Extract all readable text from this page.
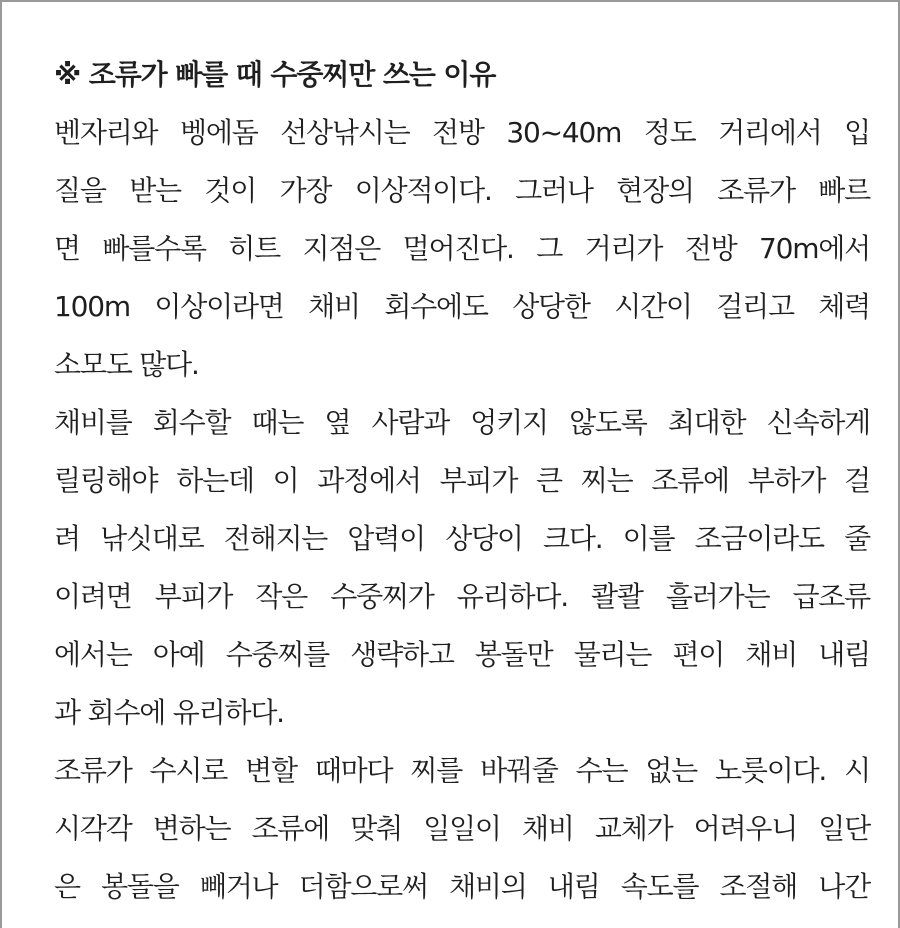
※ 조류가 빠를 때 수중찌만 쓰는 이유

벤자리와 벵에돔 선상낚시는 전방 30~40m 정도 거리에서 입
질을 받는 것이 가장 이상적이다. 그러나 현장의 조류가 빠르
면 빠를수록 히트 지점은 멀어진다. 그 거리가 전방 70m에서
100m 이상이라면 채비 회수에도 상당한 시간이 걸리고 체력
소모도 많다.

채비를 회수할 때는 옆 사람과 엉키지 않도록 최대한 신속하게
릴링해야 하는데 이 과정에서 부피가 큰 찌는 조류에 부하가 걸
려 낚싯대로 전해지는 압력이 상당이 크다. 이를 조금이라도 줄
이려면 부피가 작은 수중찌가 유리하다. 콸콸 흘러가는 급조류
에서는 아예 수중찌를 생략하고 봉돌만 물리는 편이 채비 내림
과 회수에 유리하다.

조류가 수시로 변할 때마다 찌를 바꿔줄 수는 없는 노릇이다. 시
시각각 변하는 조류에 맞춰 일일이 채비 교체가 어려우니 일단
은 봉돌을 빼거나 더함으로써 채비의 내림 속도를 조절해 나간
